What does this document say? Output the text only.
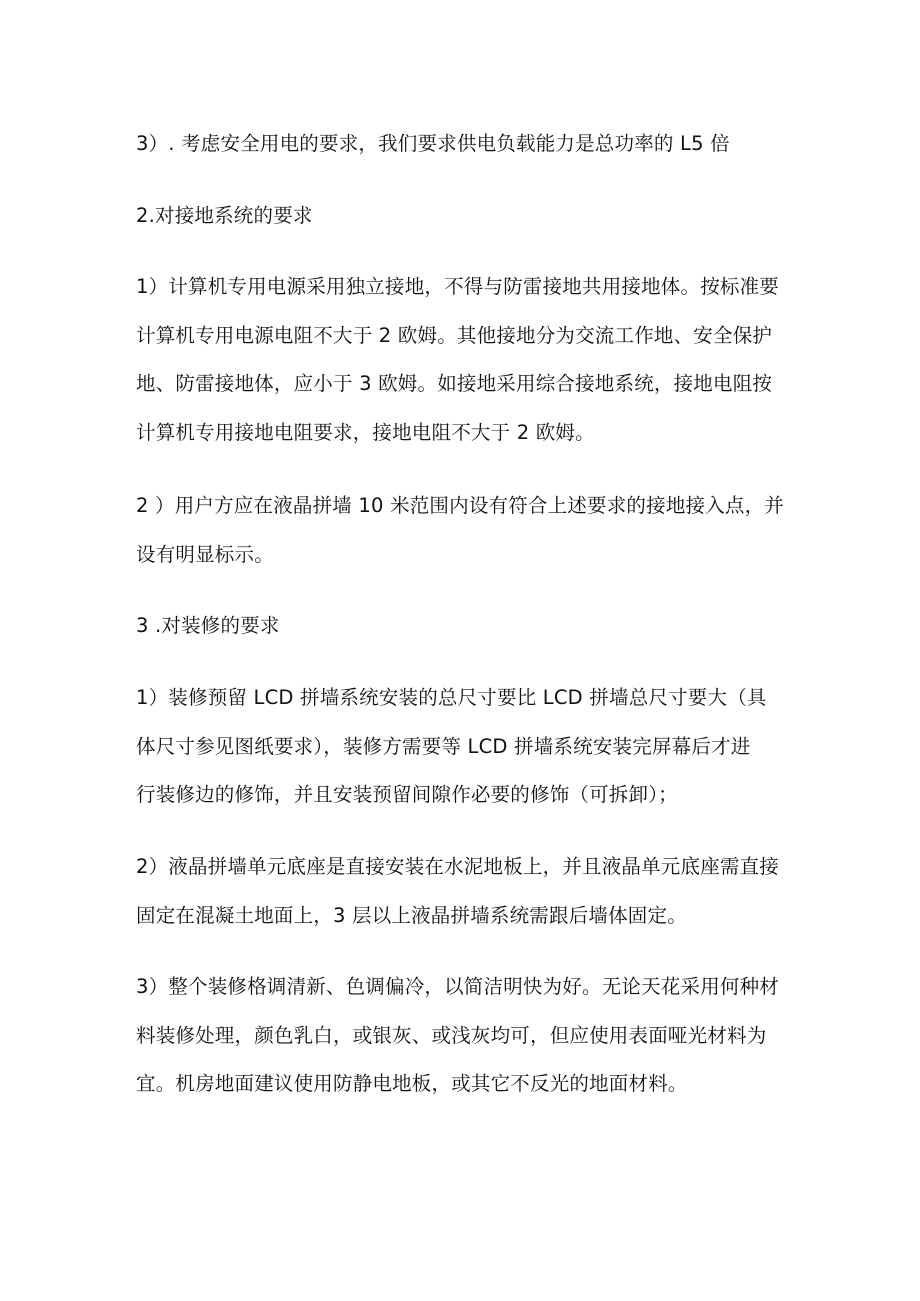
3）. 考虑安全用电的要求，我们要求供电负载能力是总功率的 L5 倍

2.对接地系统的要求

1）计算机专用电源采用独立接地，不得与防雷接地共用接地体。按标准要
计算机专用电源电阻不大于 2 欧姆。其他接地分为交流工作地、安全保护
地、防雷接地体，应小于 3 欧姆。如接地采用综合接地系统，接地电阻按
计算机专用接地电阻要求，接地电阻不大于 2 欧姆。

2 ）用户方应在液晶拼墙 10 米范围内设有符合上述要求的接地接入点，并
设有明显标示。

3 .对装修的要求

1）装修预留 LCD 拼墙系统安装的总尺寸要比 LCD 拼墙总尺寸要大（具
体尺寸参见图纸要求），装修方需要等 LCD 拼墙系统安装完屏幕后才进
行装修边的修饰，并且安装预留间隙作必要的修饰（可拆卸）；

2）液晶拼墙单元底座是直接安装在水泥地板上，并且液晶单元底座需直接
固定在混凝土地面上，3 层以上液晶拼墙系统需跟后墙体固定。

3）整个装修格调清新、色调偏冷，以简洁明快为好。无论天花采用何种材
料装修处理，颜色乳白，或银灰、或浅灰均可，但应使用表面哑光材料为
宜。机房地面建议使用防静电地板，或其它不反光的地面材料。
